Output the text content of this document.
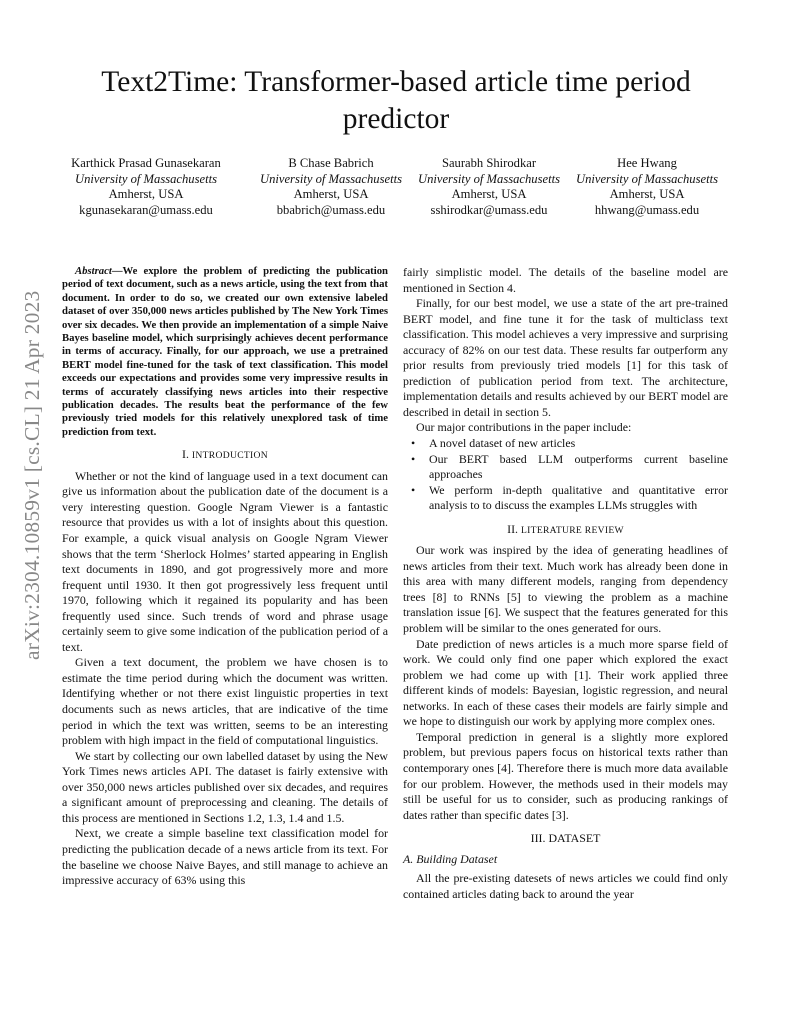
Text2Time: Transformer-based article time period predictor
Karthick Prasad Gunasekaran
University of Massachusetts
Amherst, USA
kgunasekaran@umass.edu
B Chase Babrich
University of Massachusetts
Amherst, USA
bbabrich@umass.edu
Saurabh Shirodkar
University of Massachusetts
Amherst, USA
sshirodkar@umass.edu
Hee Hwang
University of Massachusetts
Amherst, USA
hhwang@umass.edu
arXiv:2304.10859v1 [cs.CL] 21 Apr 2023

Abstract—We explore the problem of predicting the publication period of text document, such as a news article, using the text from that document. In order to do so, we created our own extensive labeled dataset of over 350,000 news articles published by The New York Times over six decades. We then provide an implementation of a simple Naive Bayes baseline model, which surprisingly achieves decent performance in terms of accuracy. Finally, for our approach, we use a pretrained BERT model fine-tuned for the task of text classification. This model exceeds our expectations and provides some very impressive results in terms of accurately classifying news articles into their respective publication decades. The results beat the performance of the few previously tried models for this relatively unexplored task of time prediction from text.

I. INTRODUCTION

Whether or not the kind of language used in a text document can give us information about the publication date of the document is a very interesting question. Google Ngram Viewer is a fantastic resource that provides us with a lot of insights about this question. For example, a quick visual analysis on Google Ngram Viewer shows that the term ‘Sherlock Holmes’ started appearing in English text documents in 1890, and got progressively more and more frequent until 1930. It then got progressively less frequent until 1970, following which it regained its popularity and has been frequently used since. Such trends of word and phrase usage certainly seem to give some indication of the publication period of a text.

Given a text document, the problem we have chosen is to estimate the time period during which the document was written. Identifying whether or not there exist linguistic properties in text documents such as news articles, that are indicative of the time period in which the text was written, seems to be an interesting problem with high impact in the field of computational linguistics.

We start by collecting our own labelled dataset by using the New York Times news articles API. The dataset is fairly extensive with over 350,000 news articles published over six decades, and requires a significant amount of preprocessing and cleaning. The details of this process are mentioned in Sections 1.2, 1.3, 1.4 and 1.5.

Next, we create a simple baseline text classification model for predicting the publication decade of a news article from its text. For the baseline we choose Naive Bayes, and still manage to achieve an impressive accuracy of 63% using this

fairly simplistic model. The details of the baseline model are mentioned in Section 4.

Finally, for our best model, we use a state of the art pre-trained BERT model, and fine tune it for the task of multiclass text classification. This model achieves a very impressive and surprising accuracy of 82% on our test data. These results far outperform any prior results from previously tried models [1] for this task of prediction of publication period from text. The architecture, implementation details and results achieved by our BERT model are described in detail in section 5.

Our major contributions in the paper include:

• A novel dataset of new articles
• Our BERT based LLM outperforms current baseline approaches
• We perform in-depth qualitative and quantitative error analysis to to discuss the examples LLMs struggles with
II. LITERATURE REVIEW

Our work was inspired by the idea of generating headlines of news articles from their text. Much work has already been done in this area with many different models, ranging from dependency trees [8] to RNNs [5] to viewing the problem as a machine translation issue [6]. We suspect that the features generated for this problem will be similar to the ones generated for ours.

Date prediction of news articles is a much more sparse field of work. We could only find one paper which explored the exact problem we had come up with [1]. Their work applied three different kinds of models: Bayesian, logistic regression, and neural networks. In each of these cases their models are fairly simple and we hope to distinguish our work by applying more complex ones.

Temporal prediction in general is a slightly more explored problem, but previous papers focus on historical texts rather than contemporary ones [4]. Therefore there is much more data available for our problem. However, the methods used in their models may still be useful for us to consider, such as producing rankings of dates rather than specific dates [3].

III. DATASET
A. Building Dataset

All the pre-existing datesets of news articles we could find only contained articles dating back to around the year
